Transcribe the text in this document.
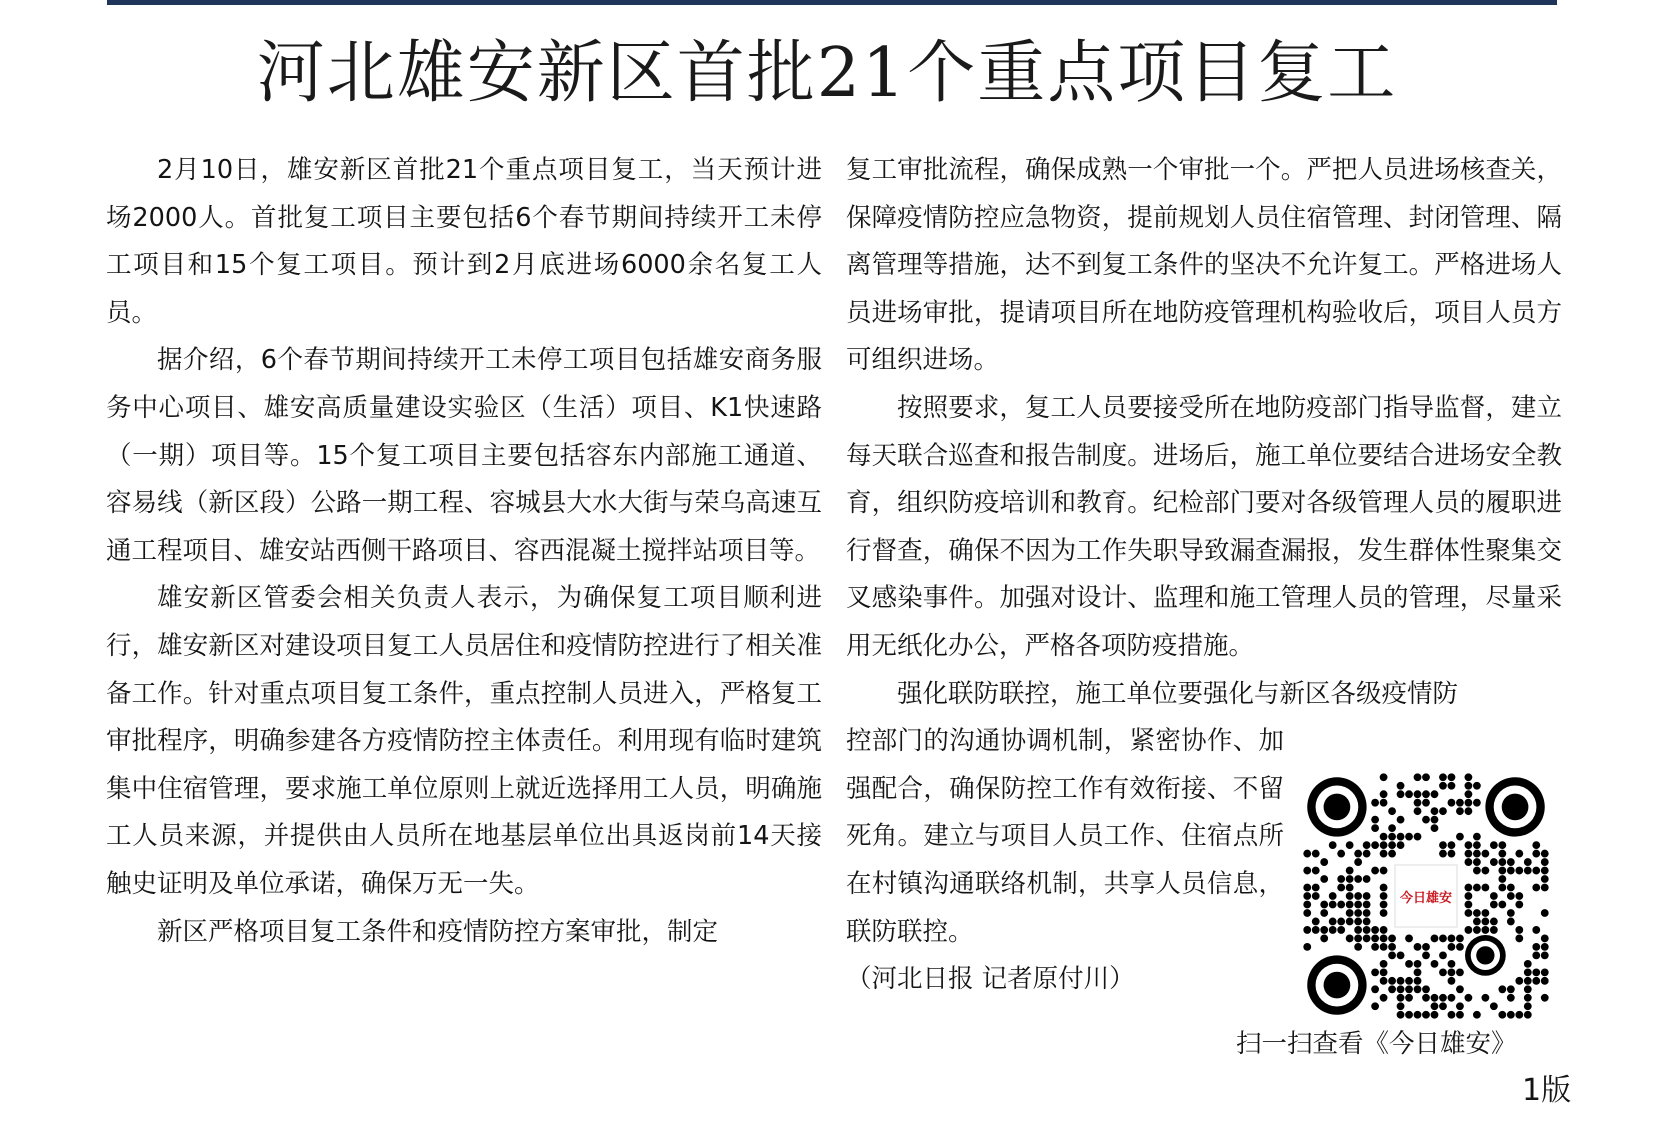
河北雄安新区首批21个重点项目复工

2月10日，雄安新区首批21个重点项目复工，当天预计进场2000人。首批复工项目主要包括6个春节期间持续开工未停工项目和15个复工项目。预计到2月底进场6000余名复工人员。

据介绍，6个春节期间持续开工未停工项目包括雄安商务服务中心项目、雄安高质量建设实验区（生活）项目、K1快速路（一期）项目等。15个复工项目主要包括容东内部施工通道、容易线（新区段）公路一期工程、容城县大水大街与荣乌高速互通工程项目、雄安站西侧干路项目、容西混凝土搅拌站项目等。

雄安新区管委会相关负责人表示，为确保复工项目顺利进行，雄安新区对建设项目复工人员居住和疫情防控进行了相关准备工作。针对重点项目复工条件，重点控制人员进入，严格复工审批程序，明确参建各方疫情防控主体责任。利用现有临时建筑集中住宿管理，要求施工单位原则上就近选择用工人员，明确施工人员来源，并提供由人员所在地基层单位出具返岗前14天接触史证明及单位承诺，确保万无一失。

新区严格项目复工条件和疫情防控方案审批，制定

复工审批流程，确保成熟一个审批一个。严把人员进场核查关，保障疫情防控应急物资，提前规划人员住宿管理、封闭管理、隔离管理等措施，达不到复工条件的坚决不允许复工。严格进场人员进场审批，提请项目所在地防疫管理机构验收后，项目人员方可组织进场。

按照要求，复工人员要接受所在地防疫部门指导监督，建立每天联合巡查和报告制度。进场后，施工单位要结合进场安全教育，组织防疫培训和教育。纪检部门要对各级管理人员的履职进行督查，确保不因为工作失职导致漏查漏报，发生群体性聚集交叉感染事件。加强对设计、监理和施工管理人员的管理，尽量采用无纸化办公，严格各项防疫措施。

强化联防联控，施工单位要强化与新区各级疫情防

控部门的沟通协调机制，紧密协作、加强配合，确保防控工作有效衔接、不留死角。建立与项目人员工作、住宿点所在村镇沟通联络机制，共享人员信息，联防联控。

（河北日报 记者原付川）

今日雄安
扫一扫查看《今日雄安》
1版
